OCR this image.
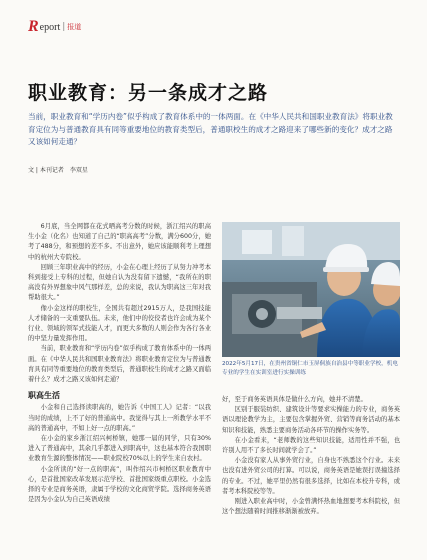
R eport | 报道
职业教育：另一条成才之路
当前，职业教育和“学历内卷”似乎构成了教育体系中的一体两面。在《中华人民共和国职业教育法》将职业教育定位为与普通教育具有同等重要地位的教育类型后，普通职校生的成才之路迎来了哪些新的变化？成才之路又该如何走通？
文 | 本刊记者　李双星

6月底，当全网都在花式晒高考分数的时候，浙江绍兴的职高生小金（化名）也知道了自己的“职高高考”分数，满分600分，她考了488分，和预想的差不多。不出意外，她应该能顺利考上理想中的杭州大专院校。

回顾三年职业高中的经历，小金在心理上经历了从努力冲考本科到接受上专科的过程，但她自认为没有留下遗憾，“我所在的职高没有外界想象中风气那样差，总的来说，我认为职高这三年对我帮助很大。”

像小金这样的职校生，全国共有超过2915万人，是我国技能人才储备的一支重要队伍。未来，他们中的佼佼者也许会成为某个行业、领域的领军式技能人才，而更大多数的人则会作为各行各业的中坚力量发挥作用。

当前，职业教育和“学历内卷”似乎构成了教育体系中的一体两面。在《中华人民共和国职业教育法》将职业教育定位为与普通教育具有同等重要地位的教育类型后，普通职校生的成才之路又面临着什么？成才之路又该如何走通？

职高生活

小金和自己选择读职高的，她告诉《中国工人》记者：“以我当时的成绩，上不了好的普通高中。我觉得与其上一所教学水平不高的普通高中，不如上好一点的职高。”

在小金的家乡浙江绍兴柯桥镇，她那一届的同学，只有30%进入了普通高中，其余几乎都进入到职高中，这也基本符合我国职业教育生源的整体情况——职业院校70%以上的学生来自农村。

小金所读的“好一点的职高”，叫作绍兴市柯桥区职业教育中心，是首批国家改革发展示范学校、首批国家级重点职校。小金选择的专业是商务英语，隶属于学校的文化商贸学院。选择商务英语是因为小金认为自己英语成绩

2022年5月17日，在贵州省铜仁市玉屏侗族自治县中等职业学校，机电专业的学生在实训室进行实操训练
好，至于商务英语具体是做什么方向，她并不清楚。

区别于服装纺织、建筑设计等要求实操能力的专业，商务英语以理论教学为主，主要包含掌握外贸、营销等商务活动的基本知识和技能，熟悉主要商务活动各环节的操作实务等。

在小金看来，“老师教的这些知识技能，适用性并不强，也许别人用不了多长时间就学会了。”

小金没有家人从事外贸行业，自身也不熟悉这个行业。未来也没有进外贸公司的打算。可以说，商务英语是她误打误撞选择的专业。不过，她平里仍然有很多选择，比如在本校升专科，或者考本科院校等等。

刚进入职业高中时，小金曾满怀热血地想要考本科院校，但这个想法随着时间推移渐渐被放弃。
